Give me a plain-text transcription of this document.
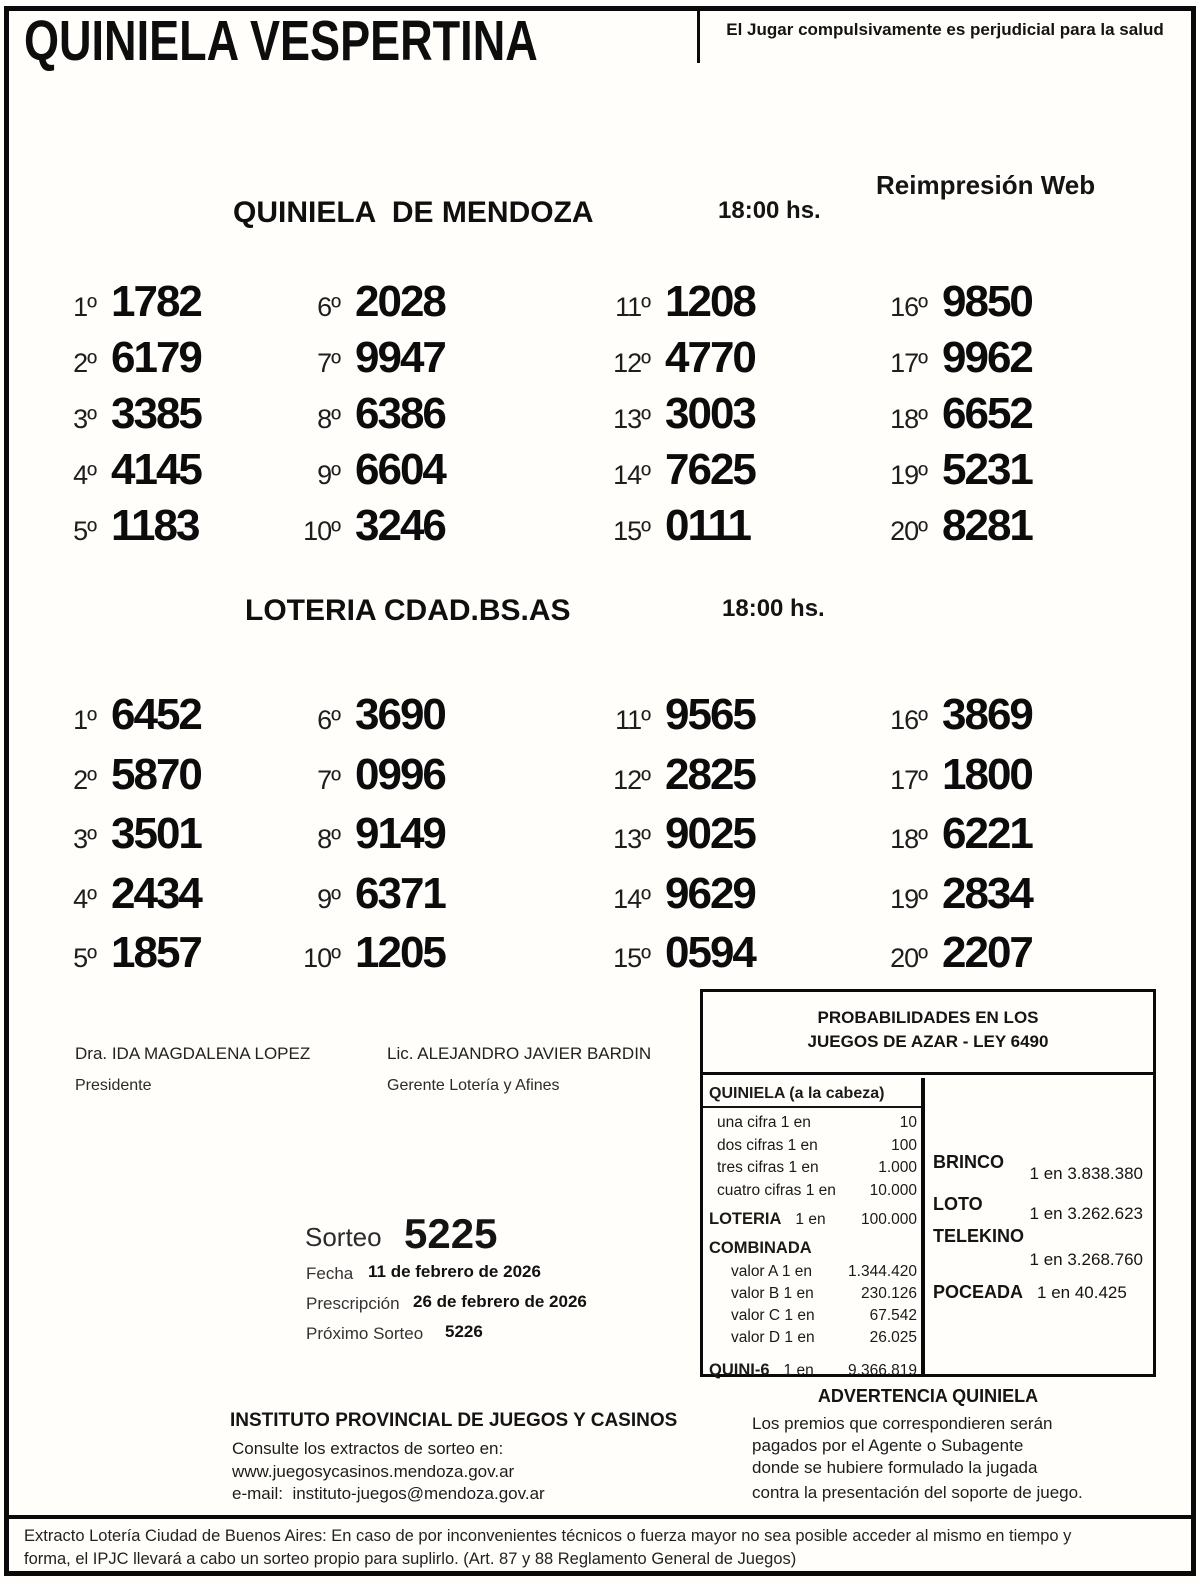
QUINIELA VESPERTINA	El Jugar compulsivamente es perjudicial para la salud
Reimpresión Web
QUINIELA  DE MENDOZA	18:00 hs.
1º 1782
2º 6179
3º 3385
4º 4145
5º 1183
6º 2028
7º 9947
8º 6386
9º 6604
10º 3246
11º 1208
12º 4770
13º 3003
14º 7625
15º 0111
16º 9850
17º 9962
18º 6652
19º 5231
20º 8281
LOTERIA CDAD.BS.AS	18:00 hs.
1º 6452
2º 5870
3º 3501
4º 2434
5º 1857
6º 3690
7º 0996
8º 9149
9º 6371
10º 1205
11º 9565
12º 2825
13º 9025
14º 9629
15º 0594
16º 3869
17º 1800
18º 6221
19º 2834
20º 2207
Dra. IDA MAGDALENA LOPEZ
Presidente
Lic. ALEJANDRO JAVIER BARDIN
Gerente Lotería y Afines
Sorteo 5225
Fecha 11 de febrero de 2026
Prescripción 26 de febrero de 2026
Próximo Sorteo 5226
PROBABILIDADES EN LOS
JUEGOS DE AZAR - LEY 6490
QUINIELA (a la cabeza)
una cifra 1 en	10
dos cifras 1 en	100
tres cifras 1 en	1.000
cuatro cifras 1 en 10.000
LOTERIA 1 en 100.000
COMBINADA
valor A 1 en 1.344.420
valor B 1 en	230.126
valor C 1 en	67.542
valor D 1 en	26.025
QUINI-6 1 en 9.366.819
BRINCO
1 en 3.838.380
LOTO	1 en 3.262.623
TELEKINO
1 en 3.268.760
POCEADA 1 en 40.425
ADVERTENCIA QUINIELA
Los premios que correspondieren serán
pagados por el Agente o Subagente
donde se hubiere formulado la jugada
contra la presentación del soporte de juego.
INSTITUTO PROVINCIAL DE JUEGOS Y CASINOS
Consulte los extractos de sorteo en:
www.juegosycasinos.mendoza.gov.ar
e-mail:  instituto-juegos@mendoza.gov.ar
Extracto Lotería Ciudad de Buenos Aires: En caso de por inconvenientes técnicos o fuerza mayor no sea posible acceder al mismo en tiempo y
forma, el IPJC llevará a cabo un sorteo propio para suplirlo. (Art. 87 y 88 Reglamento General de Juegos)
